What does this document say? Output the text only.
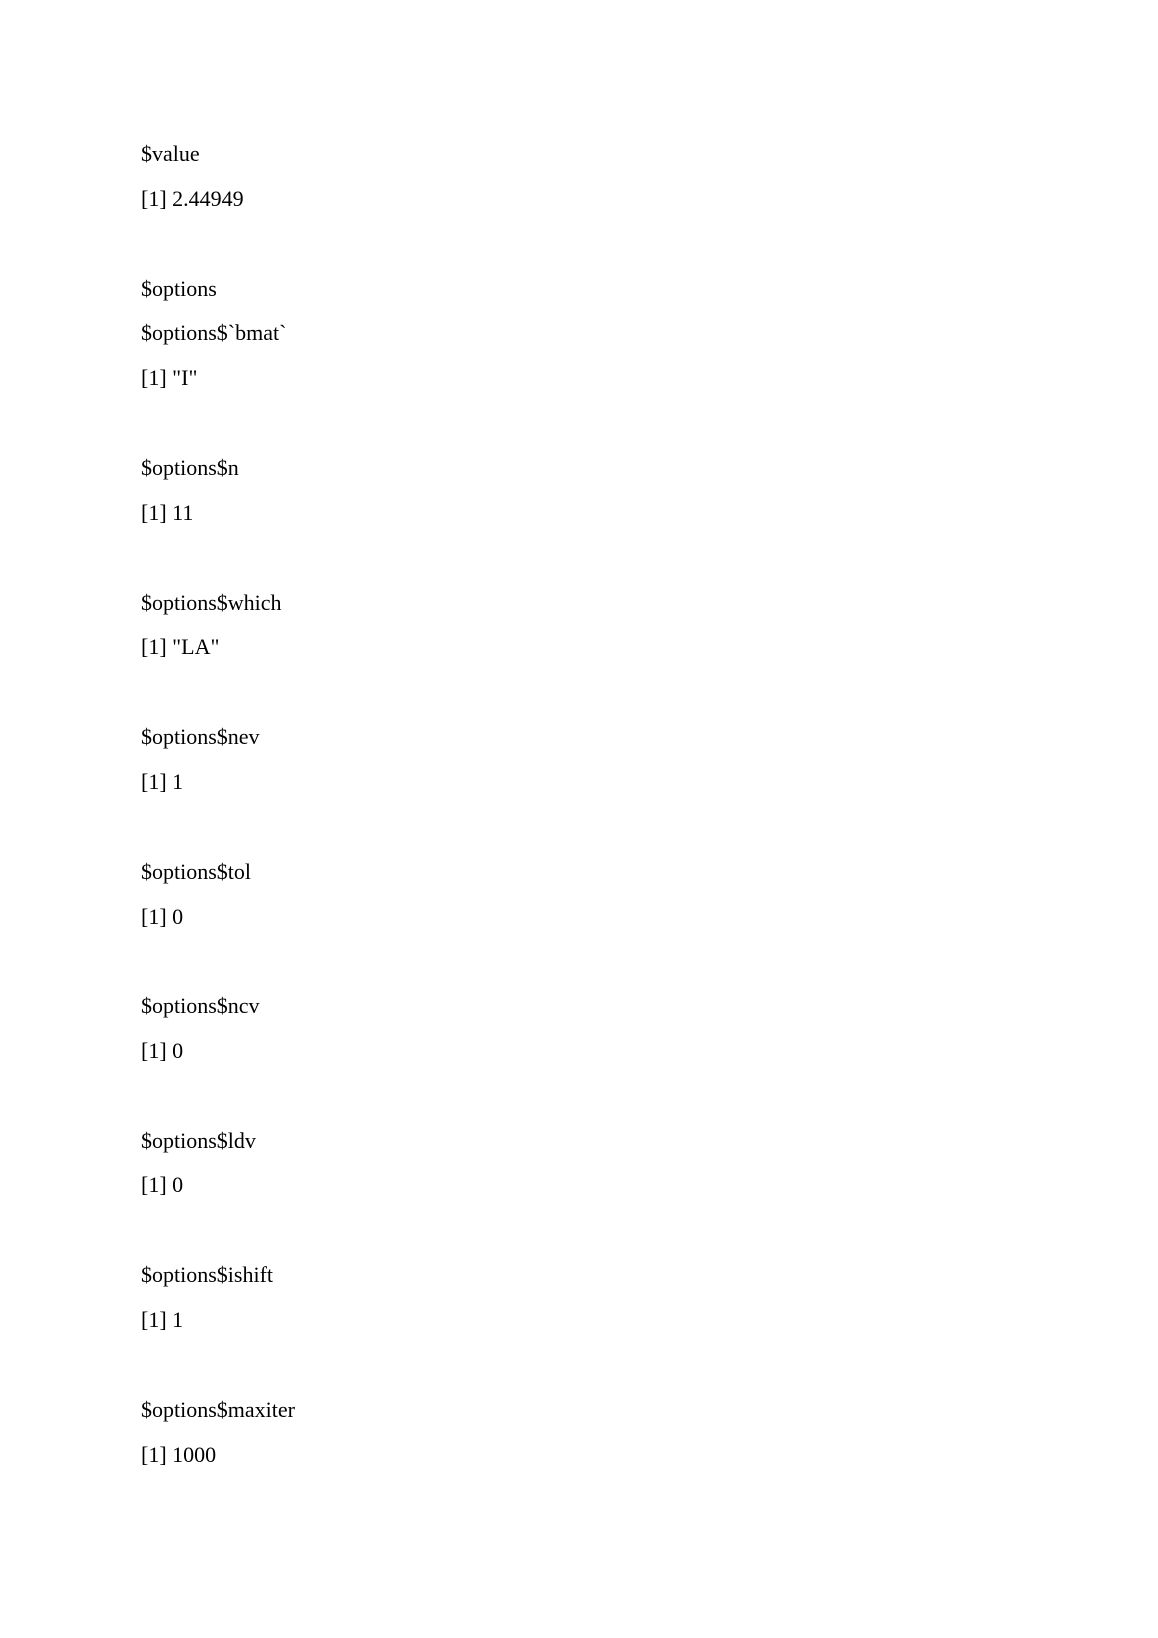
$value

[1] 2.44949

$options

$options$`bmat`

[1] "I"

$options$n

[1] 11

$options$which

[1] "LA"

$options$nev

[1] 1

$options$tol

[1] 0

$options$ncv

[1] 0

$options$ldv

[1] 0

$options$ishift

[1] 1

$options$maxiter

[1] 1000
